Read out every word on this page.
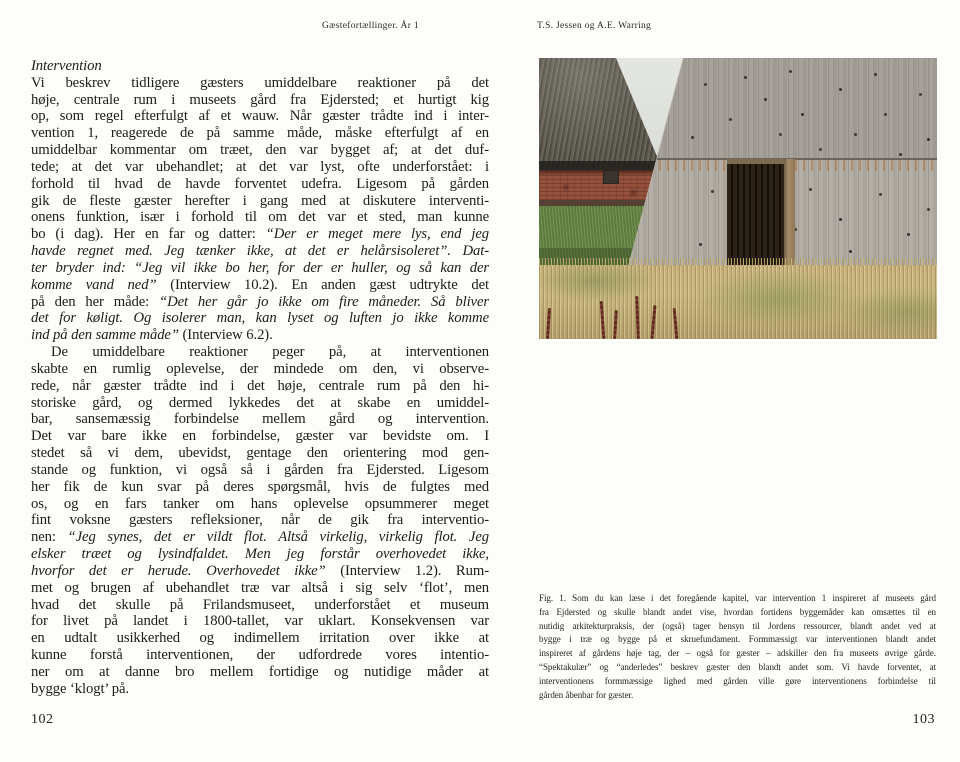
Gæstefortællinger. År 1	T.S. Jessen og A.E. Warring
Intervention
Vi beskrev tidligere gæsters umiddelbare reaktioner på det
høje, centrale rum i museets gård fra Ejdersted; et hurtigt kig
op, som regel efterfulgt af et wauw. Når gæster trådte ind i inter-
vention 1, reagerede de på samme måde, måske efterfulgt af en
umiddelbar kommentar om træet, den var bygget af; at det duf-
tede; at det var ubehandlet; at det var lyst, ofte underforstået: i
forhold til hvad de havde forventet udefra. Ligesom på gården
gik de fleste gæster herefter i gang med at diskutere interventi-
onens funktion, især i forhold til om det var et sted, man kunne
bo (i dag). Her en far og datter: “Der er meget mere lys, end jeg
havde regnet med. Jeg tænker ikke, at det er helårsisoleret”. Dat-
ter bryder ind: “Jeg vil ikke bo her, for der er huller, og så kan der
komme vand ned” (Interview 10.2). En anden gæst udtrykte det
på den her måde: “Det her går jo ikke om fire måneder. Så bliver
det for køligt. Og isolerer man, kan lyset og luften jo ikke komme
ind på den samme måde” (Interview 6.2).
De umiddelbare reaktioner peger på, at interventionen
skabte en rumlig oplevelse, der mindede om den, vi observe-
rede, når gæster trådte ind i det høje, centrale rum på den hi-
storiske gård, og dermed lykkedes det at skabe en umiddel-
bar, sansemæssig forbindelse mellem gård og intervention.
Det var bare ikke en forbindelse, gæster var bevidste om. I
stedet så vi dem, ubevidst, gentage den orientering mod gen-
stande og funktion, vi også så i gården fra Ejdersted. Ligesom
her fik de kun svar på deres spørgsmål, hvis de fulgtes med
os, og en fars tanker om hans oplevelse opsummerer meget
fint voksne gæsters refleksioner, når de gik fra interventio-
nen: “Jeg synes, det er vildt flot. Altså virkelig, virkelig flot. Jeg
elsker træet og lysindfaldet. Men jeg forstår overhovedet ikke,
hvorfor det er herude. Overhovedet ikke” (Interview 1.2). Rum-
met og brugen af ubehandlet træ var altså i sig selv ‘flot’, men
hvad det skulle på Frilandsmuseet, underforstået et museum
for livet på landet i 1800-tallet, var uklart. Konsekvensen var
en udtalt usikkerhed og indimellem irritation over ikke at
kunne forstå interventionen, der udfordrede vores intentio-
ner om at danne bro mellem fortidige og nutidige måder at
bygge ‘klogt’ på.
Fig. 1. Som du kan læse i det foregående kapitel, var intervention 1 inspireret af museets gård
fra Ejdersted og skulle blandt andet vise, hvordan fortidens byggemåder kan omsættes til en
nutidig arkitekturpraksis, der (også) tager hensyn til Jordens ressourcer, blandt andet ved at
bygge i træ og bygge på et skruefundament. Formmæssigt var interventionen blandt andet
inspireret af gårdens høje tag, der – også for gæster – adskiller den fra museets øvrige gårde.
“Spektakulær” og “anderledes” beskrev gæster den blandt andet som. Vi havde forventet, at
interventionens formmæssige lighed med gården ville gøre interventionens forbindelse til
gården åbenbar for gæster.
102	103
